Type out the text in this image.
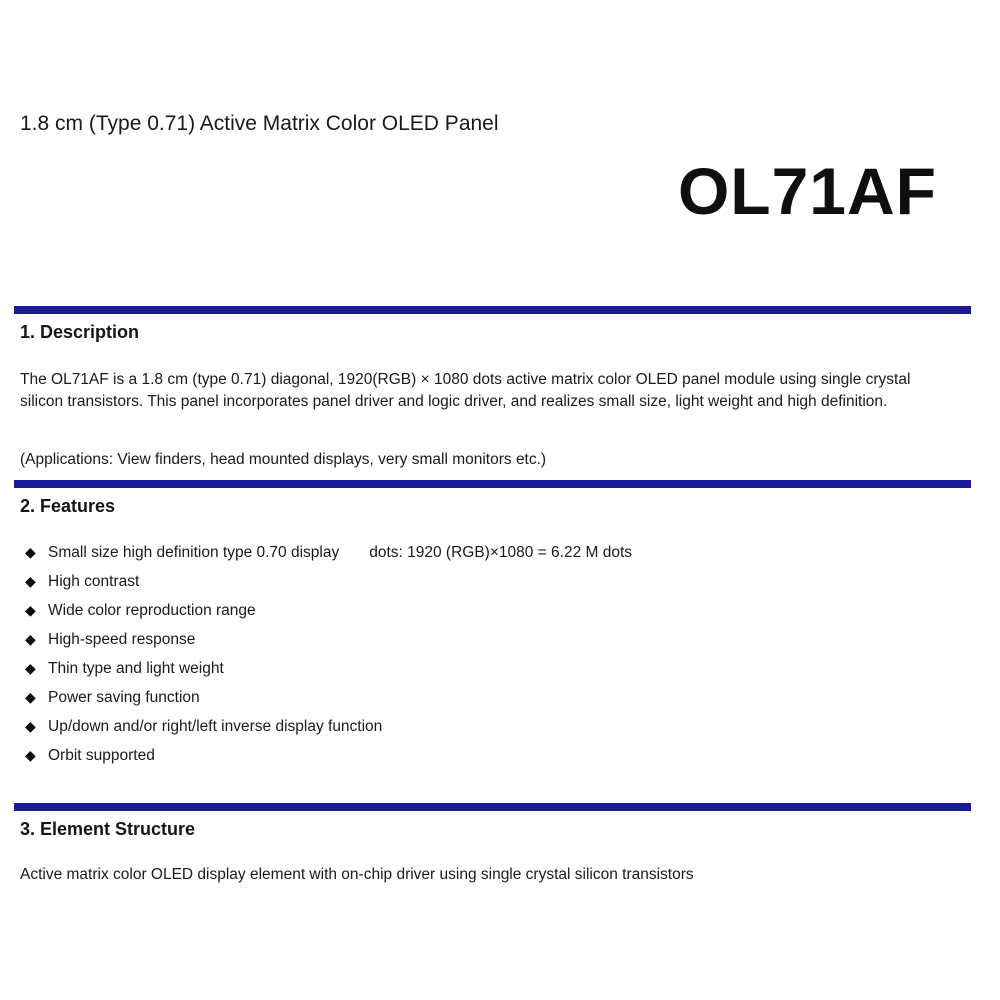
1.8 cm (Type 0.71) Active Matrix Color OLED Panel
OL71AF
1. Description
The OL71AF is a 1.8 cm (type 0.71) diagonal, 1920(RGB) × 1080 dots active matrix color OLED panel module using single crystal silicon transistors. This panel incorporates panel driver and logic driver, and realizes small size, light weight and high definition.
(Applications: View finders, head mounted displays, very small monitors etc.)
2. Features
◆ Small size high definition type 0.70 display dots: 1920 (RGB)×1080 = 6.22 M dots
◆ High contrast
◆ Wide color reproduction range
◆ High-speed response
◆ Thin type and light weight
◆ Power saving function
◆ Up/down and/or right/left inverse display function
◆ Orbit supported
3. Element Structure
Active matrix color OLED display element with on-chip driver using single crystal silicon transistors
